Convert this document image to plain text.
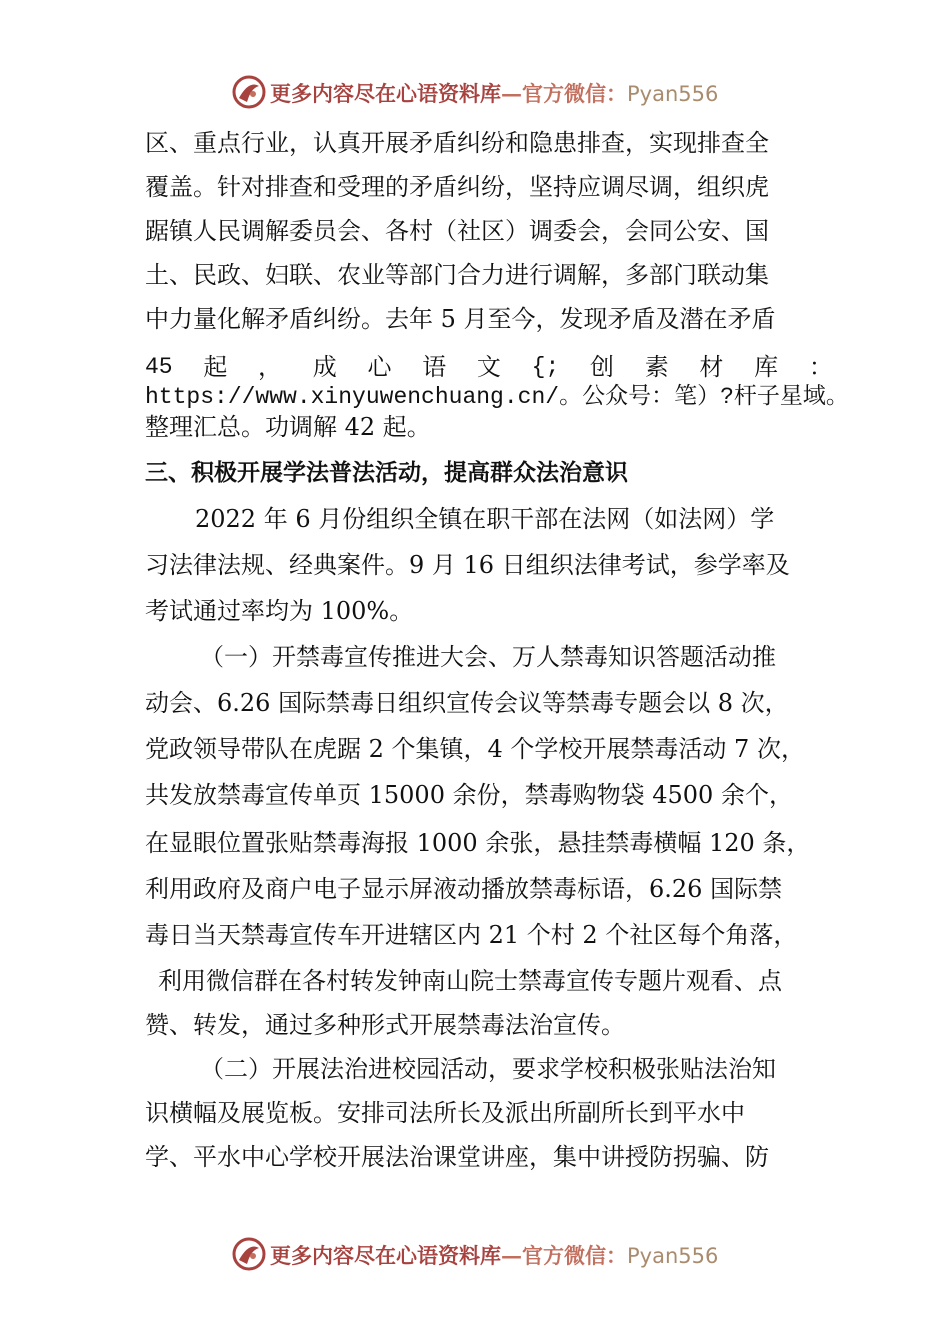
更多内容尽在心语资料库—官方微信：Pyan556
区、重点行业，认真开展矛盾纠纷和隐患排查，实现排查全
覆盖。针对排查和受理的矛盾纠纷，坚持应调尽调，组织虎
踞镇人民调解委员会、各村（社区）调委会，会同公安、国
土、民政、妇联、农业等部门合力进行调解，多部门联动集
中力量化解矛盾纠纷。去年 5 月至今，发现矛盾及潜在矛盾
45 起 ， 成 心 语 文 {; 创 素 材 库 ：
https://www.xinyuwenchuang.cn/。公众号：笔）?杆子星域。
整理汇总。功调解 42 起。
三、积极开展学法普法活动，提高群众法治意识
2022 年 6 月份组织全镇在职干部在法网（如法网）学
习法律法规、经典案件。9 月 16 日组织法律考试，参学率及
考试通过率均为 100%。
（一）开禁毒宣传推进大会、万人禁毒知识答题活动推
动会、6.26 国际禁毒日组织宣传会议等禁毒专题会以 8 次，
党政领导带队在虎踞 2 个集镇，4 个学校开展禁毒活动 7 次，
共发放禁毒宣传单页 15000 余份，禁毒购物袋 4500 余个，
在显眼位置张贴禁毒海报 1000 余张，悬挂禁毒横幅 120 条，
利用政府及商户电子显示屏液动播放禁毒标语，6.26 国际禁
毒日当天禁毒宣传车开进辖区内 21 个村 2 个社区每个角落，
利用微信群在各村转发钟南山院士禁毒宣传专题片观看、点
赞、转发，通过多种形式开展禁毒法治宣传。
（二）开展法治进校园活动，要求学校积极张贴法治知
识横幅及展览板。安排司法所长及派出所副所长到平水中
学、平水中心学校开展法治课堂讲座，集中讲授防拐骗、防
更多内容尽在心语资料库—官方微信：Pyan556
